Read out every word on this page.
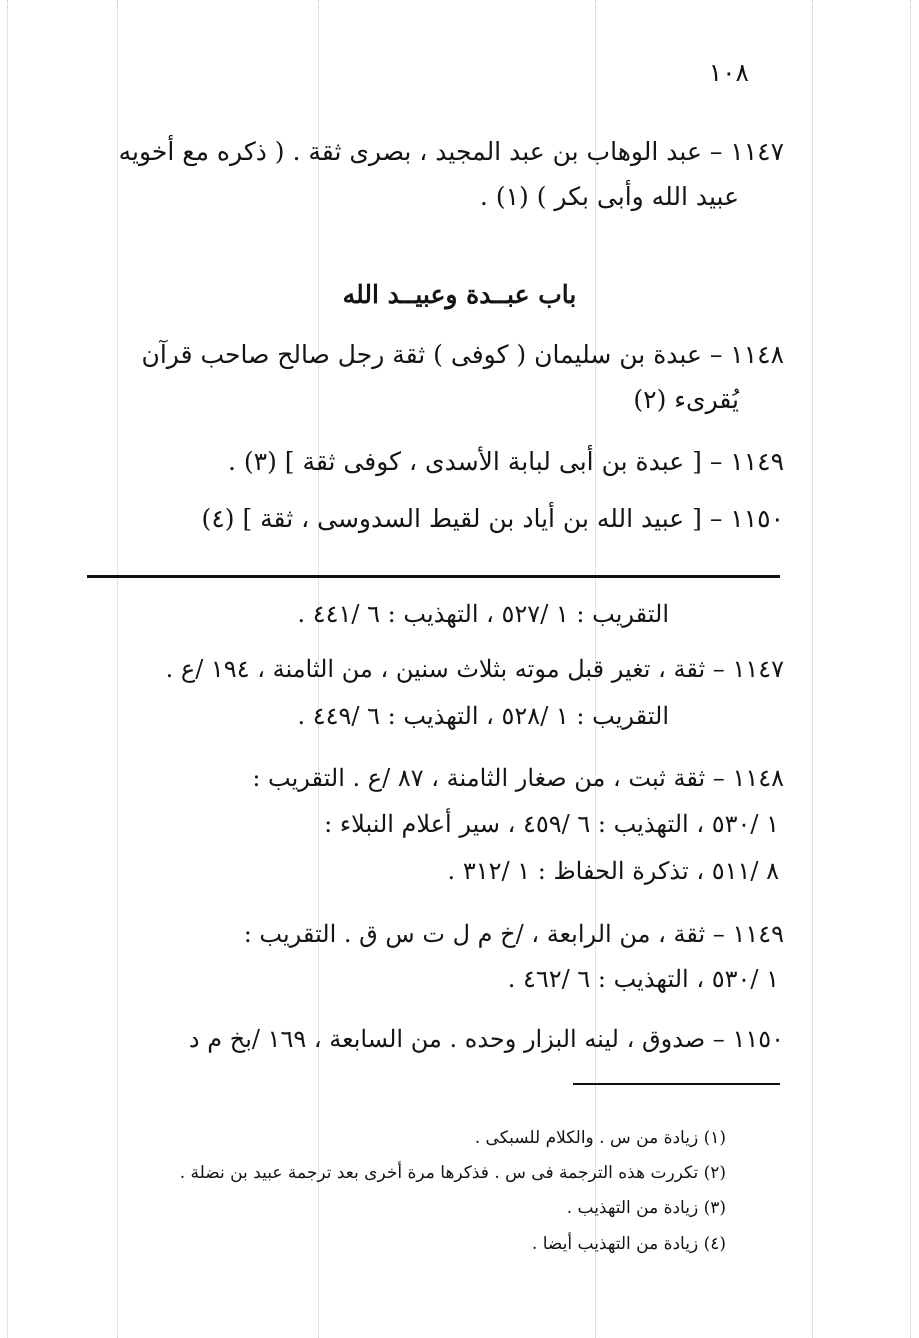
١٠٨
١١٤٧ – عبد الوهاب بن عبد المجيد ، بصرى ثقة . ( ذكره مع أخويه
عبيد الله وأبى بكر ) (١) .
باب عبــدة وعبيــد الله
١١٤٨ – عبدة بن سليمان ( كوفى ) ثقة رجل صالح صاحب قرآن
يُقرىء (٢)
١١٤٩ – [ عبدة بن أبى لبابة الأسدى ، كوفى ثقة ] (٣) .
١١٥٠ – [ عبيد الله بن أياد بن لقيط السدوسى ، ثقة ] (٤)
التقريب : ١ /٥٢٧ ، التهذيب : ٦ /٤٤١ .
١١٤٧ – ثقة ، تغير قبل موته بثلاث سنين ، من الثامنة ، ١٩٤ /ع .
التقريب : ١ /٥٢٨ ، التهذيب : ٦ /٤٤٩ .
١١٤٨ – ثقة ثبت ، من صغار الثامنة ، ٨٧ /ع . التقريب :
١ /٥٣٠ ، التهذيب : ٦ /٤٥٩ ، سير أعلام النبلاء :
٨ /٥١١ ، تذكرة الحفاظ : ١ /٣١٢ .
١١٤٩ – ثقة ، من الرابعة ، /خ م ل ت س ق . التقريب :
١ /٥٣٠ ، التهذيب : ٦ /٤٦٢ .
١١٥٠ – صدوق ، لينه البزار وحده . من السابعة ، ١٦٩ /بخ م د
(١) زيادة من س . والكلام للسبكى .
(٢) تكررت هذه الترجمة فى س . فذكرها مرة أخرى بعد ترجمة عبيد بن نضلة .
(٣) زيادة من التهذيب .
(٤) زيادة من التهذيب أيضا .
